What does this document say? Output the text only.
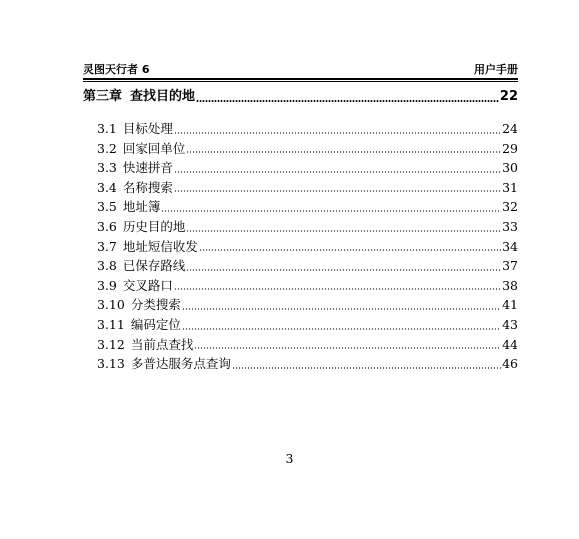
灵图天行者 6	用户手册
第三章 查找目的地	22
3.1 目标处理	24
3.2 回家回单位	29
3.3 快速拼音	30
3.4 名称搜索	31
3.5 地址簿	32
3.6 历史目的地	33
3.7 地址短信收发	34
3.8 已保存路线	37
3.9 交叉路口	38
3.10 分类搜索	41
3.11 编码定位	43
3.12 当前点查找	44
3.13 多普达服务点查询	46
3
